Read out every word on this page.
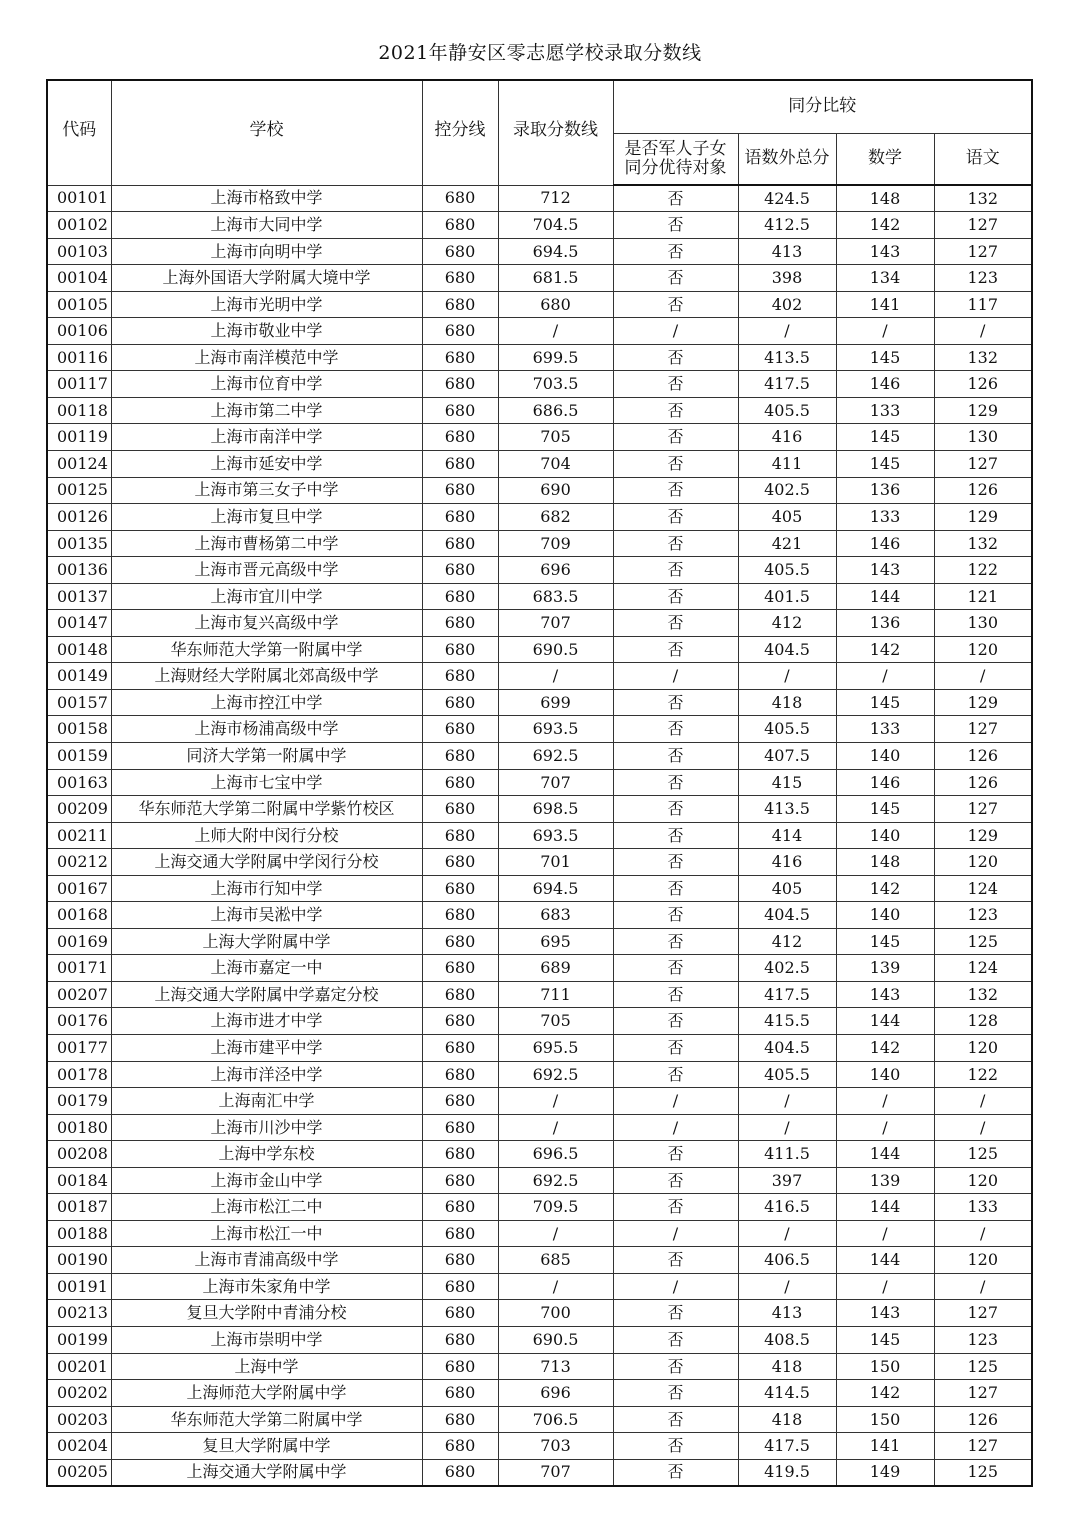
2021年静安区零志愿学校录取分数线
代码	学校	控分线	录取分数线	同分比较			

				是否军人子女
同分优待对象	语数外总分	数学	语文
00101	上海市格致中学	680	712	否	424.5	148	132
00102	上海市大同中学	680	704.5	否	412.5	142	127
00103	上海市向明中学	680	694.5	否	413	143	127
00104	上海外国语大学附属大境中学	680	681.5	否	398	134	123
00105	上海市光明中学	680	680	否	402	141	117
00106	上海市敬业中学	680	/	/	/	/	/
00116	上海市南洋模范中学	680	699.5	否	413.5	145	132
00117	上海市位育中学	680	703.5	否	417.5	146	126
00118	上海市第二中学	680	686.5	否	405.5	133	129
00119	上海市南洋中学	680	705	否	416	145	130
00124	上海市延安中学	680	704	否	411	145	127
00125	上海市第三女子中学	680	690	否	402.5	136	126
00126	上海市复旦中学	680	682	否	405	133	129
00135	上海市曹杨第二中学	680	709	否	421	146	132
00136	上海市晋元高级中学	680	696	否	405.5	143	122
00137	上海市宜川中学	680	683.5	否	401.5	144	121
00147	上海市复兴高级中学	680	707	否	412	136	130
00148	华东师范大学第一附属中学	680	690.5	否	404.5	142	120
00149	上海财经大学附属北郊高级中学	680	/	/	/	/	/
00157	上海市控江中学	680	699	否	418	145	129
00158	上海市杨浦高级中学	680	693.5	否	405.5	133	127
00159	同济大学第一附属中学	680	692.5	否	407.5	140	126
00163	上海市七宝中学	680	707	否	415	146	126
00209	华东师范大学第二附属中学紫竹校区	680	698.5	否	413.5	145	127
00211	上师大附中闵行分校	680	693.5	否	414	140	129
00212	上海交通大学附属中学闵行分校	680	701	否	416	148	120
00167	上海市行知中学	680	694.5	否	405	142	124
00168	上海市吴淞中学	680	683	否	404.5	140	123
00169	上海大学附属中学	680	695	否	412	145	125
00171	上海市嘉定一中	680	689	否	402.5	139	124
00207	上海交通大学附属中学嘉定分校	680	711	否	417.5	143	132
00176	上海市进才中学	680	705	否	415.5	144	128
00177	上海市建平中学	680	695.5	否	404.5	142	120
00178	上海市洋泾中学	680	692.5	否	405.5	140	122
00179	上海南汇中学	680	/	/	/	/	/
00180	上海市川沙中学	680	/	/	/	/	/
00208	上海中学东校	680	696.5	否	411.5	144	125
00184	上海市金山中学	680	692.5	否	397	139	120
00187	上海市松江二中	680	709.5	否	416.5	144	133
00188	上海市松江一中	680	/	/	/	/	/
00190	上海市青浦高级中学	680	685	否	406.5	144	120
00191	上海市朱家角中学	680	/	/	/	/	/
00213	复旦大学附中青浦分校	680	700	否	413	143	127
00199	上海市崇明中学	680	690.5	否	408.5	145	123
00201	上海中学	680	713	否	418	150	125
00202	上海师范大学附属中学	680	696	否	414.5	142	127
00203	华东师范大学第二附属中学	680	706.5	否	418	150	126
00204	复旦大学附属中学	680	703	否	417.5	141	127
00205	上海交通大学附属中学	680	707	否	419.5	149	125
